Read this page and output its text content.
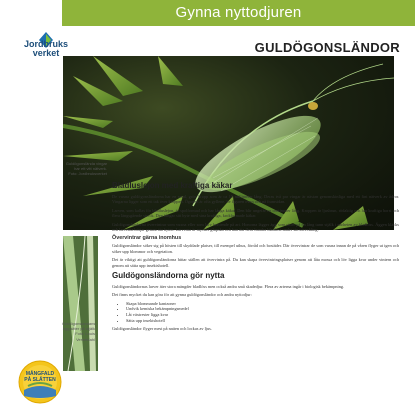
Gynna nyttodjuren
Jordbruks
verket	GULDÖGONSLÄNDOR
Guldögonslända vingar
har ett vitt nätverk.
Foto: Jordbruksverket
Guldögonslandans
ägg sitter på stjälk
Foto: Louis Verketdahl
Bladluslejon med kraftiga käkar

De vuxna guldögonsländorna har en smal, grön kropp som är ca 15 millimeter lång. Deras två par vingar är nästan genomskinliga med ett fint nätverk av ådror. Vingarna ligger som ett tak över kroppen. Ögonen är ofta gyllene. Se figuren ovan och på framsidan.

Larven, som kallas för bladluslejon, är spolformad och har långa käkar. Den blir ungefär en centimeter lång. Kroppen är ljusbrun, rödaktig och har kraftiga borst och flera längsgående streck. Den fångar sitt byte med sina kraftiga, krokformade käkar.

Guldögonsländorna övervintrar som vuxna eller som larv beroende på art. Honorna lägger ägg som sitter på en lång tunn stjälk i närheten av bladlöss. Äggen kläcks och larverna börjar genast äta byten. Larverna är mycket glupska och kan äta flera hundra bladlöss under sin utveckling.

Övervintrar gärna inomhus

Guldögonsländor söker sig på hösten till skyddade platser, till exempel uthus, förråd och bostäder. Där övervintrar de som vuxna innan de på våren flyger ut igen och söker upp blommor och vegetation.

Det är viktigt att guldögonsländorna hittar ställen att övervintra på. Du kan skapa övervintringsplatser genom att låta mossa och löv ligga kvar under vintern och genom att sätta upp insektshotell.

Guldögonsländorna gör nytta

Guldögonsländornas larver äter stora mängder bladlöss men också andra små skadedjur. Flera av arterna ingår i biologisk bekämpning.

Det finns mycket du kan göra för att gynna guldögonsländor och andra nyttodjur:

• Skapa blommande kantzoner
• Undvik kemiska bekämpningsmedel
• Låt växtrester ligga kvar
• Sätta upp insektshotell

Guldögonsländor flyger mest på natten och lockas av ljus.

MÅNGFALD
PÅ SLÄTTEN
